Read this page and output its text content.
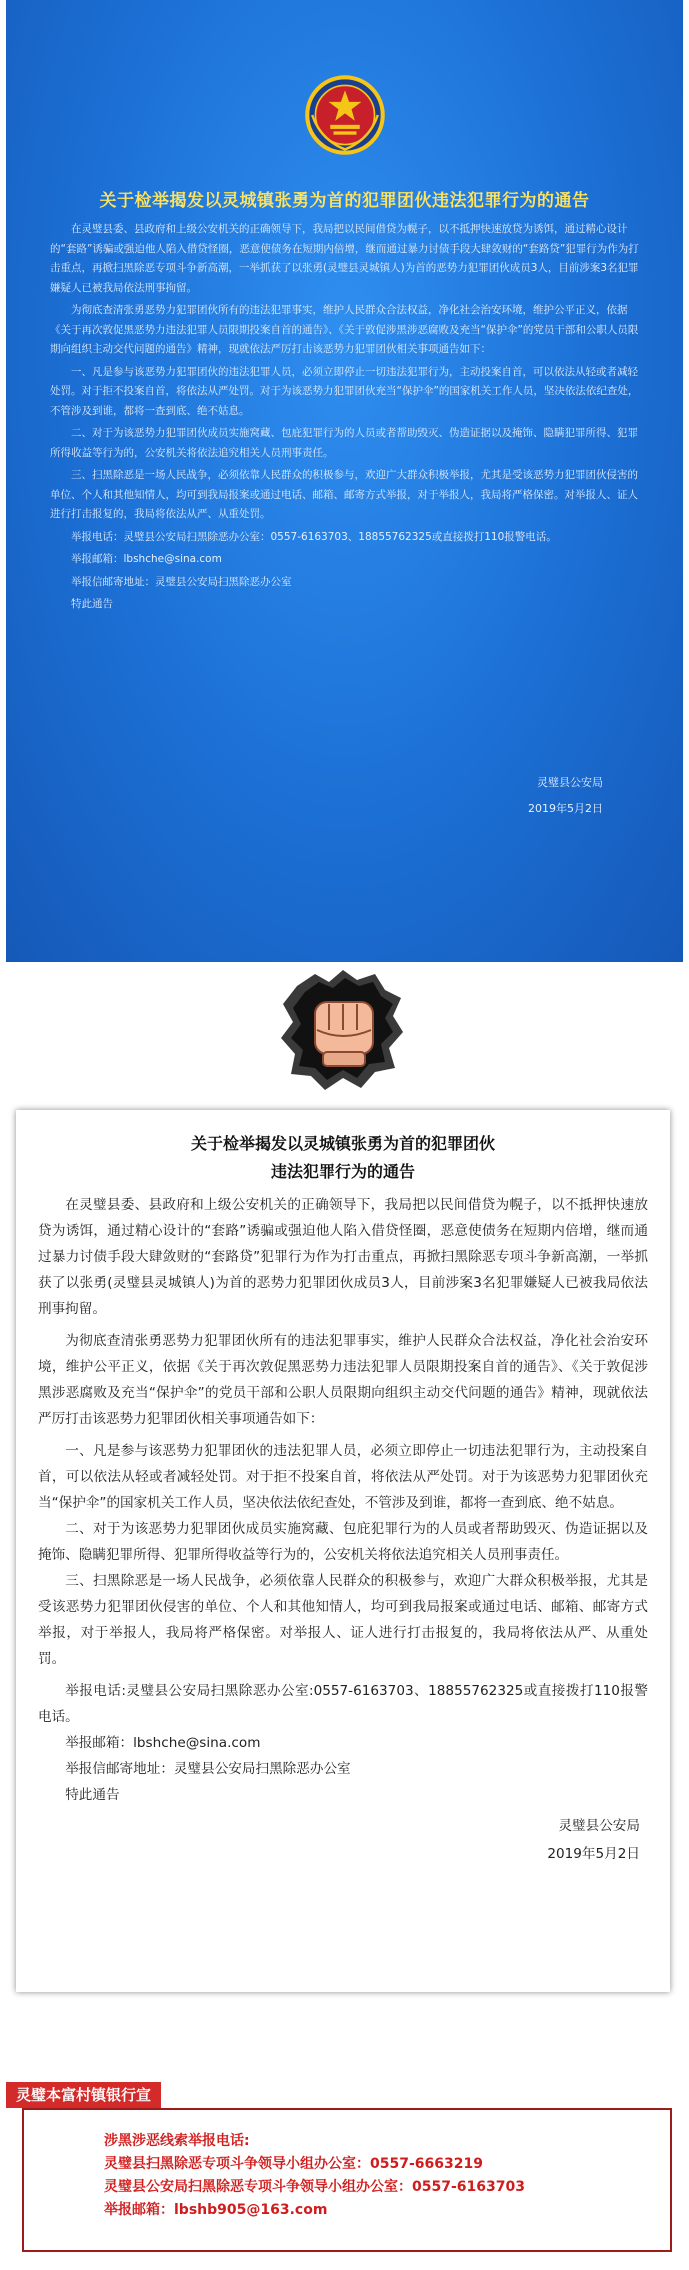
关于检举揭发以灵城镇张勇为首的犯罪团伙违法犯罪行为的通告

在灵璧县委、县政府和上级公安机关的正确领导下，我局把以民间借贷为幌子，以不抵押快速放贷为诱饵，通过精心设计的“套路”诱骗或强迫他人陷入借贷怪圈，恶意使债务在短期内倍增，继而通过暴力讨债手段大肆敛财的“套路贷”犯罪行为作为打击重点，再掀扫黑除恶专项斗争新高潮，一举抓获了以张勇(灵璧县灵城镇人)为首的恶势力犯罪团伙成员3人，目前涉案3名犯罪嫌疑人已被我局依法刑事拘留。

为彻底查清张勇恶势力犯罪团伙所有的违法犯罪事实，维护人民群众合法权益，净化社会治安环境，维护公平正义，依据《关于再次敦促黑恶势力违法犯罪人员限期投案自首的通告》、《关于敦促涉黑涉恶腐败及充当“保护伞”的党员干部和公职人员限期向组织主动交代问题的通告》精神，现就依法严厉打击该恶势力犯罪团伙相关事项通告如下：

一、凡是参与该恶势力犯罪团伙的违法犯罪人员，必须立即停止一切违法犯罪行为，主动投案自首，可以依法从轻或者减轻处罚。对于拒不投案自首，将依法从严处罚。对于为该恶势力犯罪团伙充当“保护伞”的国家机关工作人员，坚决依法依纪查处，不管涉及到谁，都将一查到底、绝不姑息。

二、对于为该恶势力犯罪团伙成员实施窝藏、包庇犯罪行为的人员或者帮助毁灭、伪造证据以及掩饰、隐瞒犯罪所得、犯罪所得收益等行为的，公安机关将依法追究相关人员刑事责任。

三、扫黑除恶是一场人民战争，必须依靠人民群众的积极参与，欢迎广大群众积极举报，尤其是受该恶势力犯罪团伙侵害的单位、个人和其他知情人，均可到我局报案或通过电话、邮箱、邮寄方式举报，对于举报人，我局将严格保密。对举报人、证人进行打击报复的，我局将依法从严、从重处罚。

举报电话：灵璧县公安局扫黑除恶办公室：0557-6163703、18855762325或直接拨打110报警电话。

举报邮箱：lbshche@sina.com

举报信邮寄地址：灵璧县公安局扫黑除恶办公室

特此通告

灵璧县公安局
2019年5月2日
关于检举揭发以灵城镇张勇为首的犯罪团伙
违法犯罪行为的通告

在灵璧县委、县政府和上级公安机关的正确领导下，我局把以民间借贷为幌子，以不抵押快速放贷为诱饵，通过精心设计的“套路”诱骗或强迫他人陷入借贷怪圈，恶意使债务在短期内倍增，继而通过暴力讨债手段大肆敛财的“套路贷”犯罪行为作为打击重点，再掀扫黑除恶专项斗争新高潮，一举抓获了以张勇(灵璧县灵城镇人)为首的恶势力犯罪团伙成员3人，目前涉案3名犯罪嫌疑人已被我局依法刑事拘留。

为彻底查清张勇恶势力犯罪团伙所有的违法犯罪事实，维护人民群众合法权益，净化社会治安环境，维护公平正义，依据《关于再次敦促黑恶势力违法犯罪人员限期投案自首的通告》、《关于敦促涉黑涉恶腐败及充当“保护伞”的党员干部和公职人员限期向组织主动交代问题的通告》精神，现就依法严厉打击该恶势力犯罪团伙相关事项通告如下：

一、凡是参与该恶势力犯罪团伙的违法犯罪人员，必须立即停止一切违法犯罪行为，主动投案自首，可以依法从轻或者减轻处罚。对于拒不投案自首，将依法从严处罚。对于为该恶势力犯罪团伙充当“保护伞”的国家机关工作人员，坚决依法依纪查处，不管涉及到谁，都将一查到底、绝不姑息。

二、对于为该恶势力犯罪团伙成员实施窝藏、包庇犯罪行为的人员或者帮助毁灭、伪造证据以及掩饰、隐瞒犯罪所得、犯罪所得收益等行为的，公安机关将依法追究相关人员刑事责任。

三、扫黑除恶是一场人民战争，必须依靠人民群众的积极参与，欢迎广大群众积极举报，尤其是受该恶势力犯罪团伙侵害的单位、个人和其他知情人，均可到我局报案或通过电话、邮箱、邮寄方式举报，对于举报人，我局将严格保密。对举报人、证人进行打击报复的，我局将依法从严、从重处罚。

举报电话:灵璧县公安局扫黑除恶办公室:0557-6163703、18855762325或直接拨打110报警电话。

举报邮箱：lbshche@sina.com

举报信邮寄地址：灵璧县公安局扫黑除恶办公室

特此通告

灵璧县公安局
2019年5月2日
灵璧本富村镇银行宣
涉黑涉恶线索举报电话:
灵璧县扫黑除恶专项斗争领导小组办公室：0557-6663219
灵璧县公安局扫黑除恶专项斗争领导小组办公室：0557-6163703
举报邮箱：lbshb905@163.com
